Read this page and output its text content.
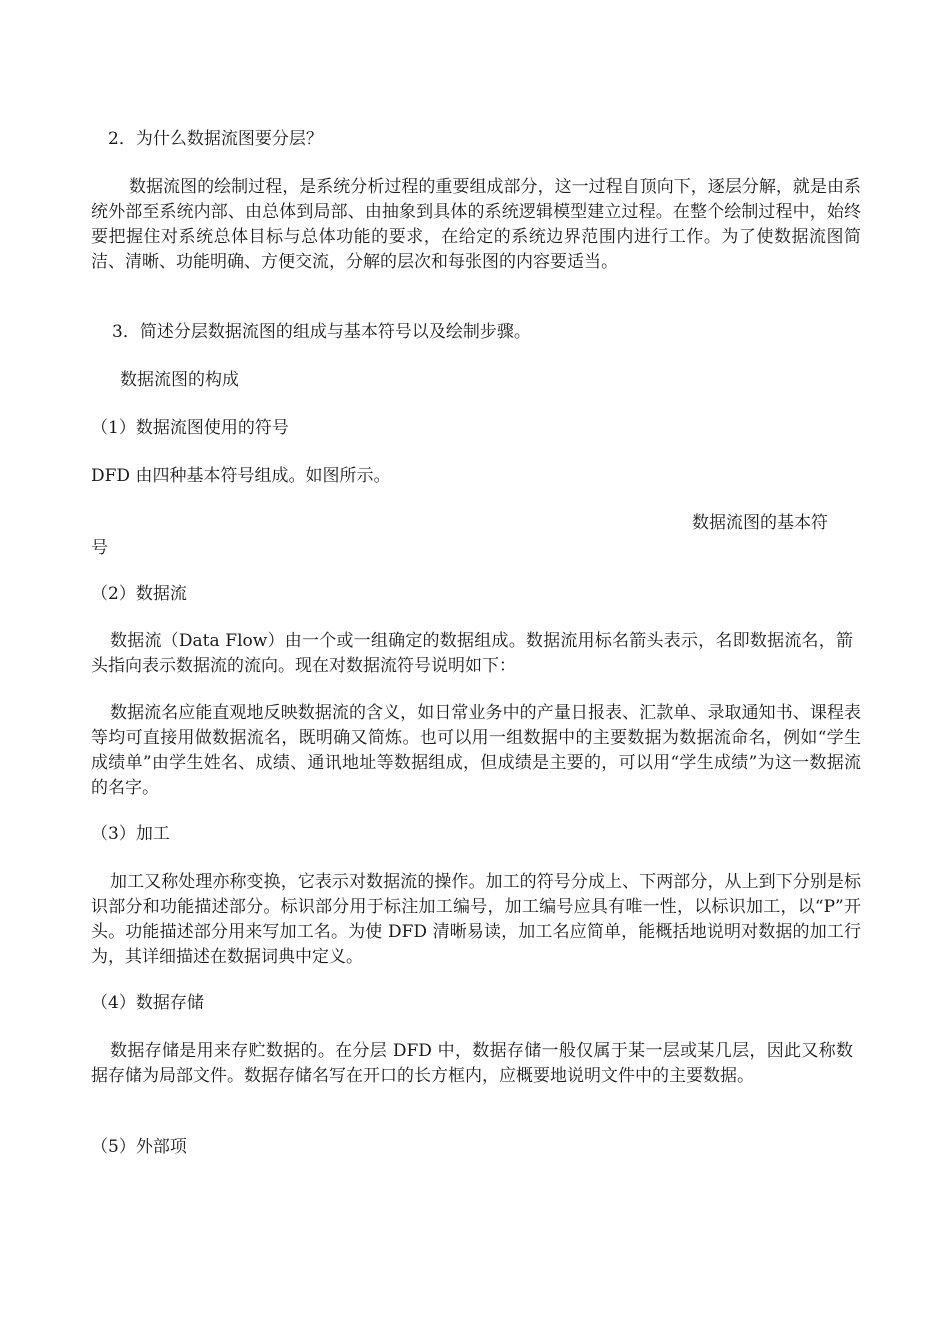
2．为什么数据流图要分层？

数据流图的绘制过程，是系统分析过程的重要组成部分，这一过程自顶向下，逐层分解，就是由系统外部至系统内部、由总体到局部、由抽象到具体的系统逻辑模型建立过程。在整个绘制过程中，始终要把握住对系统总体目标与总体功能的要求，在给定的系统边界范围内进行工作。为了使数据流图简洁、清晰、功能明确、方便交流，分解的层次和每张图的内容要适当。

3．简述分层数据流图的组成与基本符号以及绘制步骤。

数据流图的构成

（1）数据流图使用的符号

DFD 由四种基本符号组成。如图所示。

数据流图的基本符

号

（2）数据流

数据流（Data Flow）由一个或一组确定的数据组成。数据流用标名箭头表示，名即数据流名，箭头指向表示数据流的流向。现在对数据流符号说明如下：

数据流名应能直观地反映数据流的含义，如日常业务中的产量日报表、汇款单、录取通知书、课程表等均可直接用做数据流名，既明确又简炼。也可以用一组数据中的主要数据为数据流命名，例如“学生成绩单”由学生姓名、成绩、通讯地址等数据组成，但成绩是主要的，可以用“学生成绩”为这一数据流的名字。

（3）加工

加工又称处理亦称变换，它表示对数据流的操作。加工的符号分成上、下两部分，从上到下分别是标识部分和功能描述部分。标识部分用于标注加工编号，加工编号应具有唯一性，以标识加工，以“P”开头。功能描述部分用来写加工名。为使 DFD 清晰易读，加工名应简单，能概括地说明对数据的加工行为，其详细描述在数据词典中定义。

（4）数据存储

数据存储是用来存贮数据的。在分层 DFD 中，数据存储一般仅属于某一层或某几层，因此又称数据存储为局部文件。数据存储名写在开口的长方框内，应概要地说明文件中的主要数据。

（5）外部项
